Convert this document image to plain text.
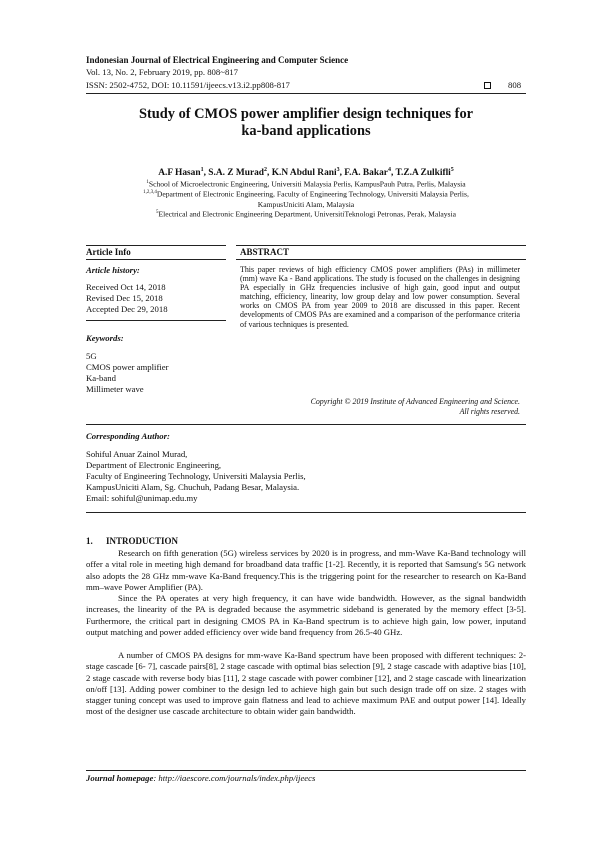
Indonesian Journal of Electrical Engineering and Computer Science
Vol. 13, No. 2, February 2019, pp. 808~817
ISSN: 2502-4752, DOI: 10.11591/ijeecs.v13.i2.pp808-817	808
Study of CMOS power amplifier design techniques for
ka-band applications
A.F Hasan$^1$, S.A. Z Murad$^2$, K.N Abdul Rani$^3$, F.A. Bakar$^4$, T.Z.A Zulkifli$^5$
$^1$School of Microelectronic Engineering, Universiti Malaysia Perlis, KampusPauh Putra, Perlis, Malaysia
$^{1,2,3,4}$Department of Electronic Engineering, Faculty of Engineering Technology, Universiti Malaysia Perlis,
KampusUniciti Alam, Malaysia
$^5$Electrical and Electronic Engineering Department, UniversitiTeknologi Petronas, Perak, Malaysia
Article Info
Article history:
Received Oct 14, 2018
Revised Dec 15, 2018
Accepted Dec 29, 2018
Keywords:
5G
CMOS power amplifier
Ka-band
Millimeter wave
ABSTRACT
This paper reviews of high efficiency CMOS power amplifiers (PAs) in millimeter (mm) wave Ka - Band applications. The study is focused on the challenges in designing PA especially in GHz frequencies inclusive of high gain, good input and output matching, efficiency, linearity, low group delay and low power consumption. Several works on CMOS PA from year 2009 to 2018 are discussed in this paper. Recent developments of CMOS PAs are examined and a comparison of the performance criteria of various techniques is presented.
Copyright © 2019 Institute of Advanced Engineering and Science.
All rights reserved.
Corresponding Author:
Sohiful Anuar Zainol Murad,
Department of Electronic Engineering,
Faculty of Engineering Technology, Universiti Malaysia Perlis,
KampusUniciti Alam, Sg. Chuchuh, Padang Besar, Malaysia.
Email: sohiful@unimap.edu.my
1. INTRODUCTION
Research on fifth generation (5G) wireless services by 2020 is in progress, and mm-Wave Ka-Band technology will offer a vital role in meeting high demand for broadband data traffic [1-2]. Recently, it is reported that Samsung's 5G network also adopts the 28 GHz mm-wave Ka-Band frequency.This is the triggering point for the researcher to research on Ka-Band mm–wave Power Amplifier (PA).
Since the PA operates at very high frequency, it can have wide bandwidth. However, as the signal bandwidth increases, the linearity of the PA is degraded because the asymmetric sideband is generated by the memory effect [3-5]. Furthermore, the critical part in designing CMOS PA in Ka-Band spectrum is to achieve high gain, low power, inputand output matching and power added efficiency over wide band frequency from 26.5-40 GHz.
A number of CMOS PA designs for mm-wave Ka-Band spectrum have been proposed with different techniques: 2-stage cascade [6- 7], cascade pairs[8], 2 stage cascade with optimal bias selection [9], 2 stage cascade with adaptive bias [10], 2 stage cascade with reverse body bias [11], 2 stage cascade with power combiner [12], and 2 stage cascade with linearization on/off [13]. Adding power combiner to the design led to achieve high gain but such design trade off on size. 2 stages with stagger tuning concept was used to improve gain flatness and lead to achieve maximum PAE and output power [14]. Ideally most of the designer use cascade architecture to obtain wider gain bandwidth.
Journal homepage: http://iaescore.com/journals/index.php/ijeecs
